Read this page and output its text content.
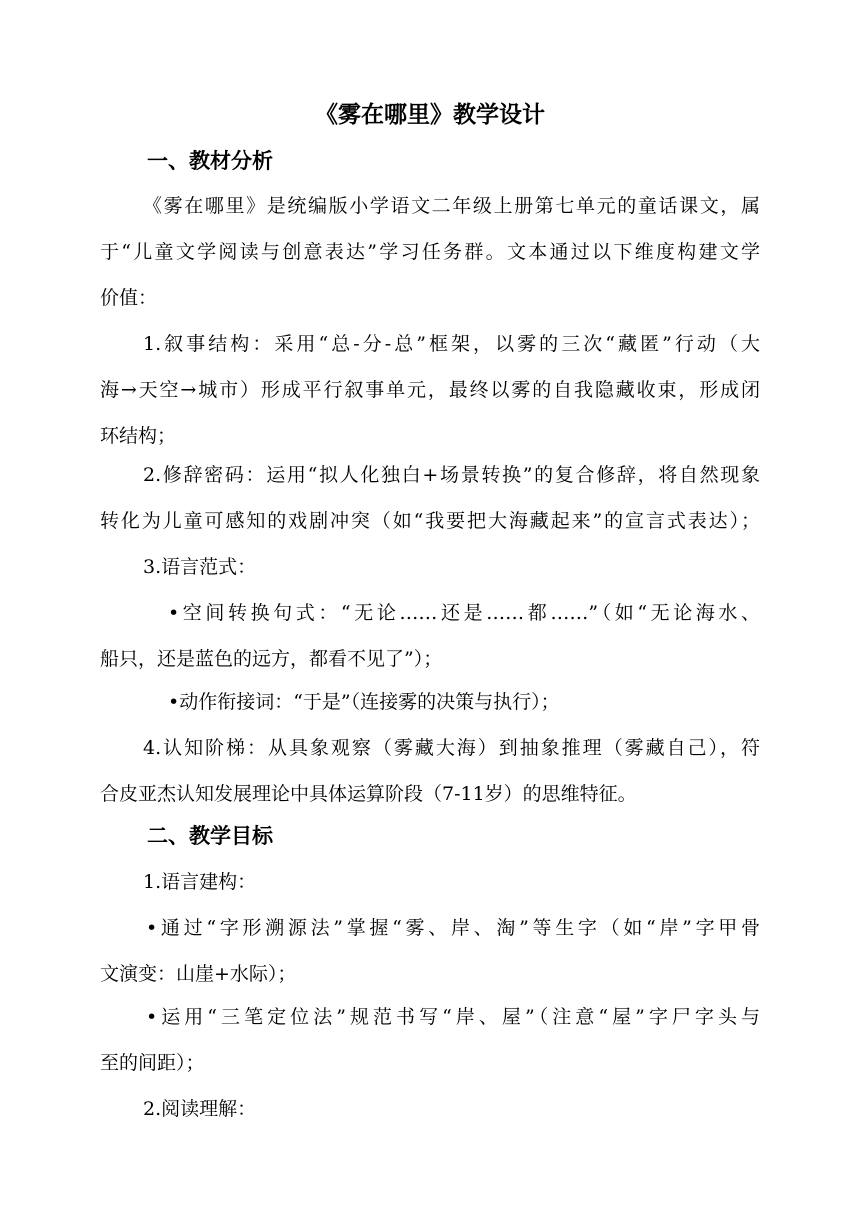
《雾在哪里》教学设计
一、教材分析
《雾在哪里》是统编版小学语文二年级上册第七单元的童话课文，属
于“儿童文学阅读与创意表达”学习任务群。文本通过以下维度构建文学
价值：
1.叙事结构：采用“总-分-总”框架，以雾的三次“藏匿”行动（大
海→天空→城市）形成平行叙事单元，最终以雾的自我隐藏收束，形成闭
环结构；
2.修辞密码：运用“拟人化独白+场景转换”的复合修辞，将自然现象
转化为儿童可感知的戏剧冲突（如“我要把大海藏起来”的宣言式表达）；
3.语言范式：
•空间转换句式：“无论……还是……都……”（如“无论海水、
船只，还是蓝色的远方，都看不见了”）；
•动作衔接词：“于是”（连接雾的决策与执行）；
4.认知阶梯：从具象观察（雾藏大海）到抽象推理（雾藏自己），符
合皮亚杰认知发展理论中具体运算阶段（7-11岁）的思维特征。
二、教学目标
1.语言建构：
•通过“字形溯源法”掌握“雾、岸、淘”等生字（如“岸”字甲骨
文演变：山崖+水际）；
•运用“三笔定位法”规范书写“岸、屋”（注意“屋”字尸字头与
至的间距）；
2.阅读理解：
